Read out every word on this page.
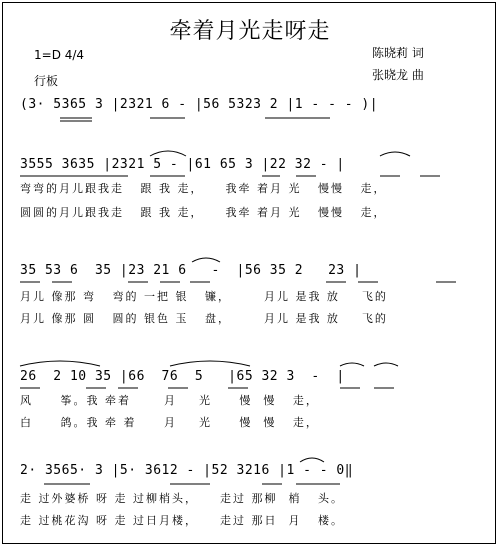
牵着月光走呀走
1=D 4/4
行板
陈晓莉 词
张晓龙 曲
(3· 5365 3 |2321 6 - |56 5323 2 |1 - - - )|
3555 3635 |2321 5 - |61 65 3 |22 32 - |
弯弯的月儿跟我走   跟 我 走，    我牵 着月 光   慢慢   走，
圆圆的月儿跟我走   跟 我 走，    我牵 着月 光   慢慢   走，
35 53 6  35 |23 21 6   -  |56 35 2   23 |
月儿 像那 弯   弯的 一把 银   镰，      月儿 是我 放    飞的
月儿 像那 圆   圆的 银色 玉   盘，      月儿 是我 放    飞的
26  2 10 35 |66  76  5   |65 32 3  -  |
风     筝。我 牵着      月    光     慢  慢   走，
白     鸽。我 牵 着     月    光     慢  慢   走，
2· 3565· 3 |5· 3612 - |52 3216 |1 - - 0‖
走 过外婆桥 呀 走 过柳梢头，    走过 那柳  梢   头。
走 过桃花沟 呀 走 过日月楼，    走过 那日  月   楼。
